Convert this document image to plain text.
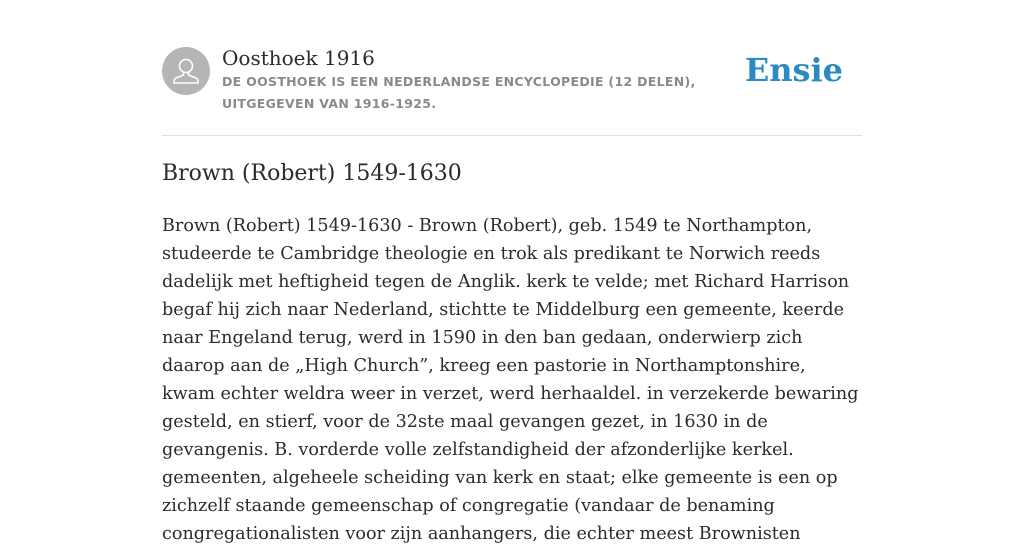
Oosthoek 1916

DE OOSTHOEK IS EEN NEDERLANDSE ENCYCLOPEDIE (12 DELEN), UITGEGEVEN VAN 1916-1925.

Ensie

Brown (Robert) 1549-1630

Brown (Robert) 1549-1630 - Brown (Robert), geb. 1549 te Northampton, studeerde te Cambridge theologie en trok als predikant te Norwich reeds dadelijk met heftigheid tegen de Anglik. kerk te velde; met Richard Harrison begaf hij zich naar Nederland, stichtte te Middelburg een gemeente, keerde naar Engeland terug, werd in 1590 in den ban gedaan, onderwierp zich daarop aan de „High Church”, kreeg een pastorie in Northamptonshire, kwam echter weldra weer in verzet, werd herhaaldel. in verzekerde bewaring gesteld, en stierf, voor de 32ste maal gevangen gezet, in 1630 in de gevangenis. B. vorderde volle zelfstandigheid der afzonderlijke kerkel. gemeenten, algeheele scheiding van kerk en staat; elke gemeente is een op zichzelf staande gemeenschap of congregatie (vandaar de benaming congregationalisten voor zijn aanhangers, die echter meest Brownisten
